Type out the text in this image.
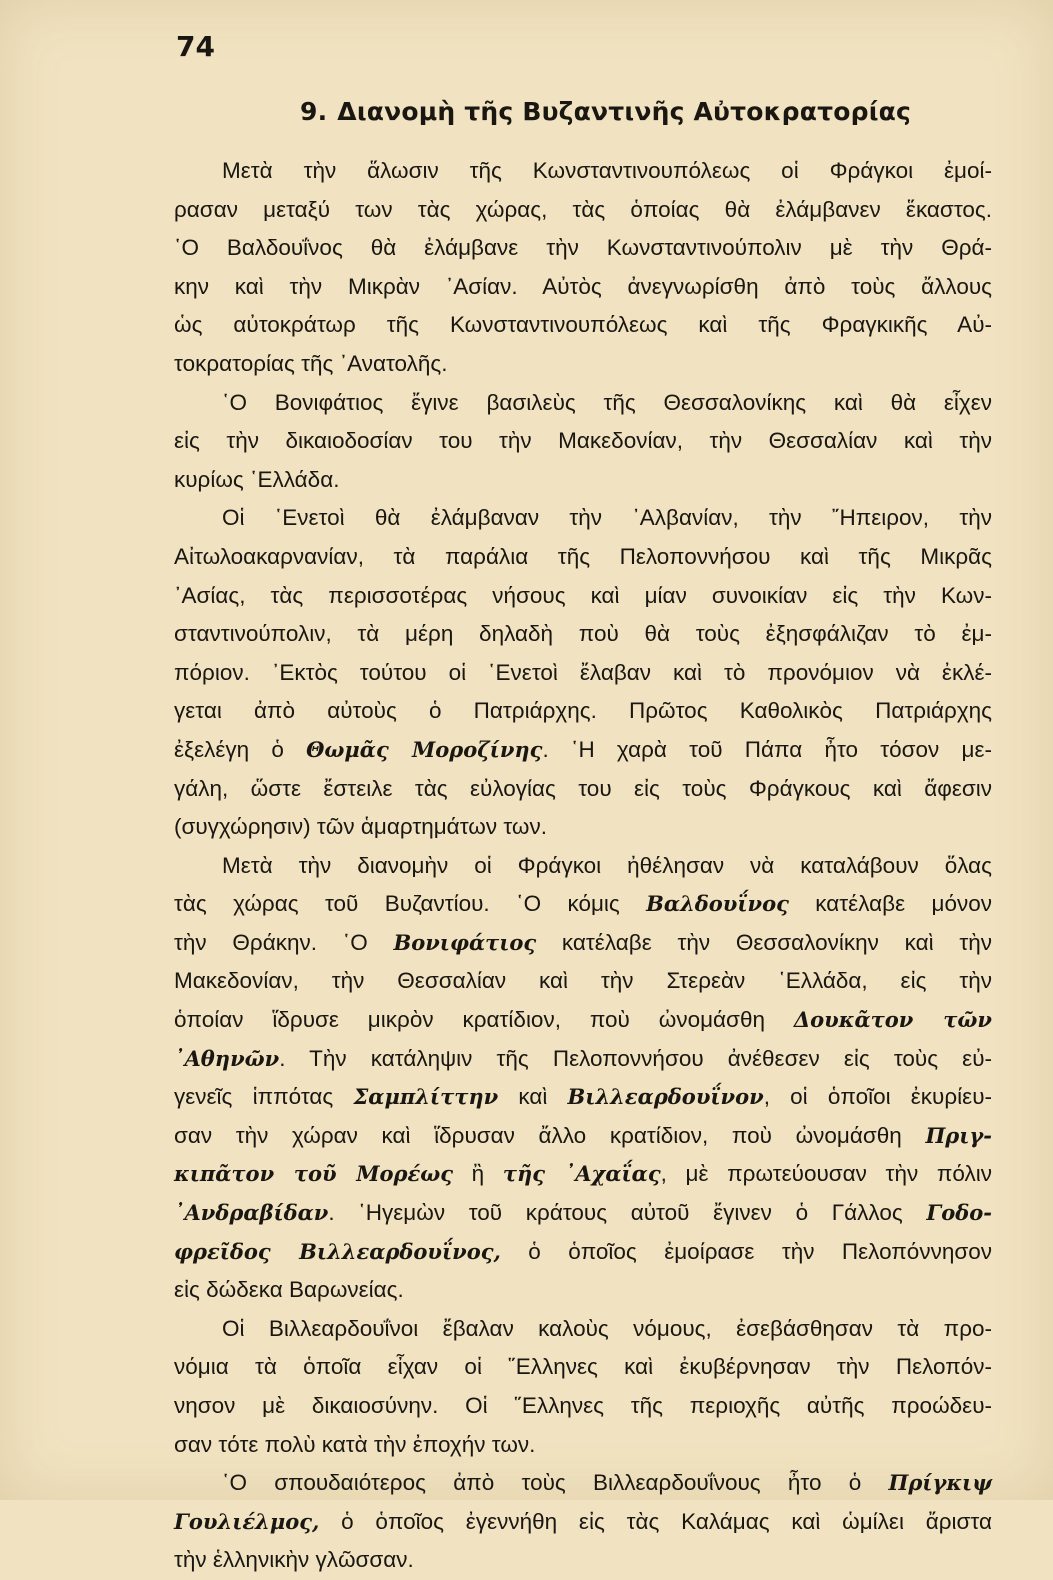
74
9. Διανομὴ τῆς Βυζαντινῆς Αὐτοκρατορίας
Μετὰ τὴν ἅλωσιν τῆς Κωνσταντινουπόλεως οἱ Φράγκοι ἐμοί-
ρασαν μεταξύ των τὰς χώρας, τὰς ὁποίας θὰ ἐλάμβανεν ἕκαστος.
῾Ο Βαλδουΐνος θὰ ἐλάμβανε τὴν Κωνσταντινούπολιν μὲ τὴν Θρά-
κην καὶ τὴν Μικρὰν ᾿Ασίαν. Αὐτὸς ἀνεγνωρίσθη ἀπὸ τοὺς ἄλλους
ὡς αὐτοκράτωρ τῆς Κωνσταντινουπόλεως καὶ τῆς Φραγκικῆς Αὐ-
τοκρατορίας τῆς ᾿Ανατολῆς.
῾Ο Βονιφάτιος ἔγινε βασιλεὺς τῆς Θεσσαλονίκης καὶ θὰ εἶχεν
εἰς τὴν δικαιοδοσίαν του τὴν Μακεδονίαν, τὴν Θεσσαλίαν καὶ τὴν
κυρίως ῾Ελλάδα.
Οἱ ῾Ενετοὶ θὰ ἐλάμβαναν τὴν ᾿Αλβανίαν, τὴν ῎Ηπειρον, τὴν
Αἰτωλοακαρνανίαν, τὰ παράλια τῆς Πελοποννήσου καὶ τῆς Μικρᾶς
᾿Ασίας, τὰς περισσοτέρας νήσους καὶ μίαν συνοικίαν εἰς τὴν Κων-
σταντινούπολιν, τὰ μέρη δηλαδὴ ποὺ θὰ τοὺς ἐξησφάλιζαν τὸ ἐμ-
πόριον. ᾿Εκτὸς τούτου οἱ ῾Ενετοὶ ἔλαβαν καὶ τὸ προνόμιον νὰ ἐκλέ-
γεται ἀπὸ αὐτοὺς ὁ Πατριάρχης. Πρῶτος Καθολικὸς Πατριάρχης
ἐξελέγη ὁ Θωμᾶς Μοροζίνης. ῾Η χαρὰ τοῦ Πάπα ἦτο τόσον με-
γάλη, ὥστε ἔστειλε τὰς εὐλογίας του εἰς τοὺς Φράγκους καὶ ἄφεσιν
(συγχώρησιν) τῶν ἁμαρτημάτων των.
Μετὰ τὴν διανομὴν οἱ Φράγκοι ἠθέλησαν νὰ καταλάβουν ὅλας
τὰς χώρας τοῦ Βυζαντίου. ῾Ο κόμις Βαλδουΐνος κατέλαβε μόνον
τὴν Θράκην. ῾Ο Βονιφάτιος κατέλαβε τὴν Θεσσαλονίκην καὶ τὴν
Μακεδονίαν, τὴν Θεσσαλίαν καὶ τὴν Στερεὰν ῾Ελλάδα, εἰς τὴν
ὁποίαν ἵδρυσε μικρὸν κρατίδιον, ποὺ ὠνομάσθη Δουκᾶτον τῶν
᾿Αθηνῶν. Τὴν κατάληψιν τῆς Πελοποννήσου ἀνέθεσεν εἰς τοὺς εὐ-
γενεῖς ἱππότας Σαμπλίττην καὶ Βιλλεαρδουΐνον, οἱ ὁποῖοι ἐκυρίευ-
σαν τὴν χώραν καὶ ἵδρυσαν ἄλλο κρατίδιον, ποὺ ὠνομάσθη Πριγ-
κιπᾶτον τοῦ Μορέως ἢ τῆς ᾿Αχαΐας, μὲ πρωτεύουσαν τὴν πόλιν
᾿Ανδραβίδαν. ῾Ηγεμὼν τοῦ κράτους αὐτοῦ ἔγινεν ὁ Γάλλος Γοδο-
φρεῖδος Βιλλεαρδουΐνος, ὁ ὁποῖος ἐμοίρασε τὴν Πελοπόννησον
εἰς δώδεκα Βαρωνείας.
Οἱ Βιλλεαρδουΐνοι ἔβαλαν καλοὺς νόμους, ἐσεβάσθησαν τὰ προ-
νόμια τὰ ὁποῖα εἶχαν οἱ ῞Ελληνες καὶ ἐκυβέρνησαν τὴν Πελοπόν-
νησον μὲ δικαιοσύνην. Οἱ ῞Ελληνες τῆς περιοχῆς αὐτῆς προώδευ-
σαν τότε πολὺ κατὰ τὴν ἐποχήν των.
῾Ο σπουδαιότερος ἀπὸ τοὺς Βιλλεαρδουΐνους ἦτο ὁ Πρίγκιψ
Γουλιέλμος, ὁ ὁποῖος ἐγεννήθη εἰς τὰς Καλάμας καὶ ὡμίλει ἄριστα
τὴν ἑλληνικὴν γλῶσσαν.
